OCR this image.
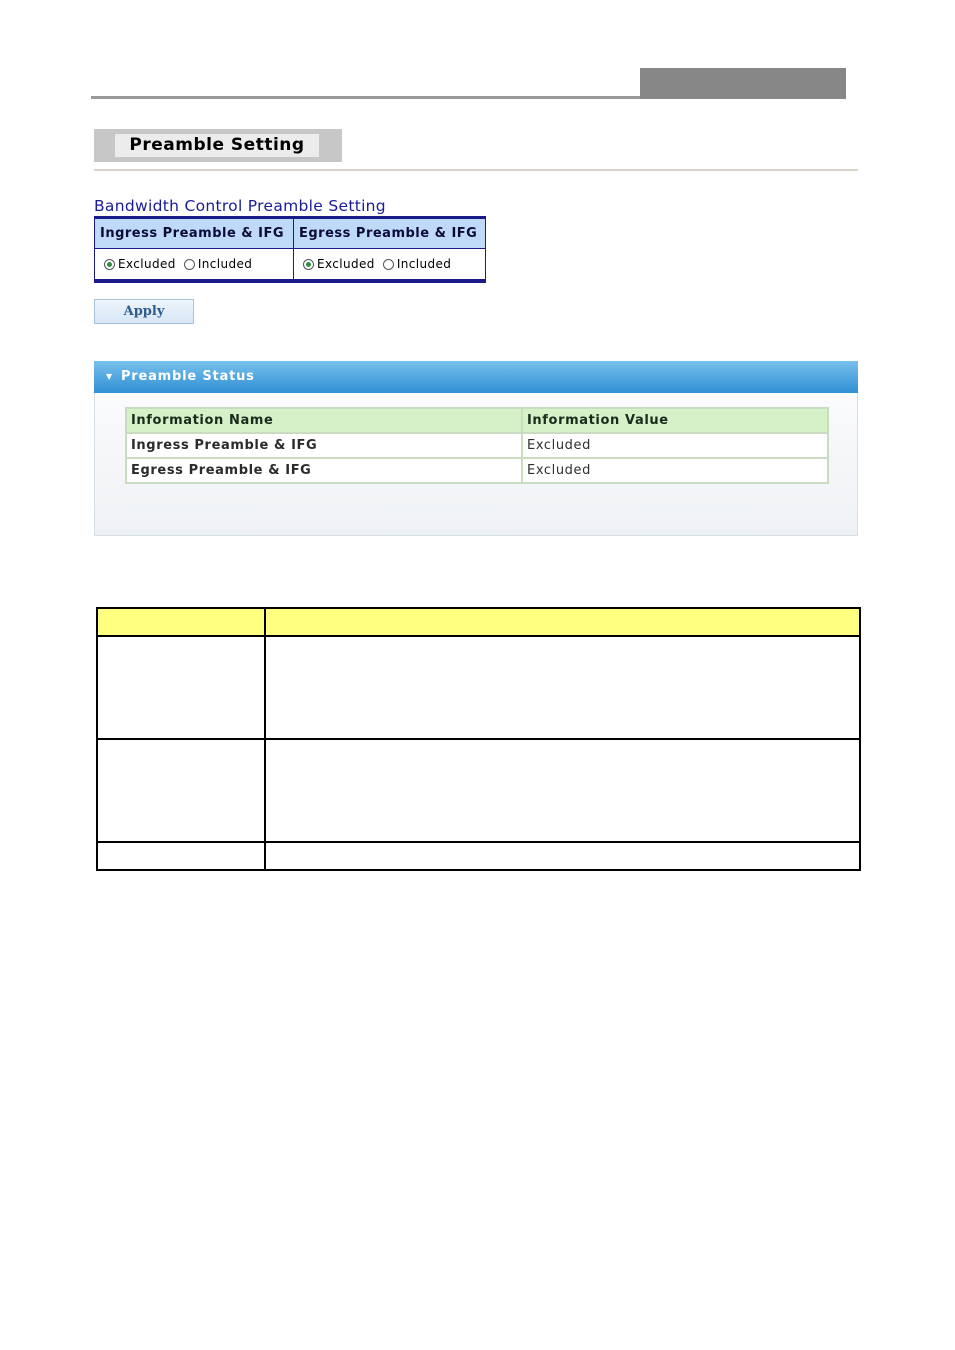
Preamble Setting
Bandwidth Control Preamble Setting
Ingress Preamble & IFG	Egress Preamble & IFG
Excluded Included	Excluded Included
Apply
▼ Preamble Status
Information Name	Information Value
Ingress Preamble & IFG	Excluded
Egress Preamble & IFG	Excluded
